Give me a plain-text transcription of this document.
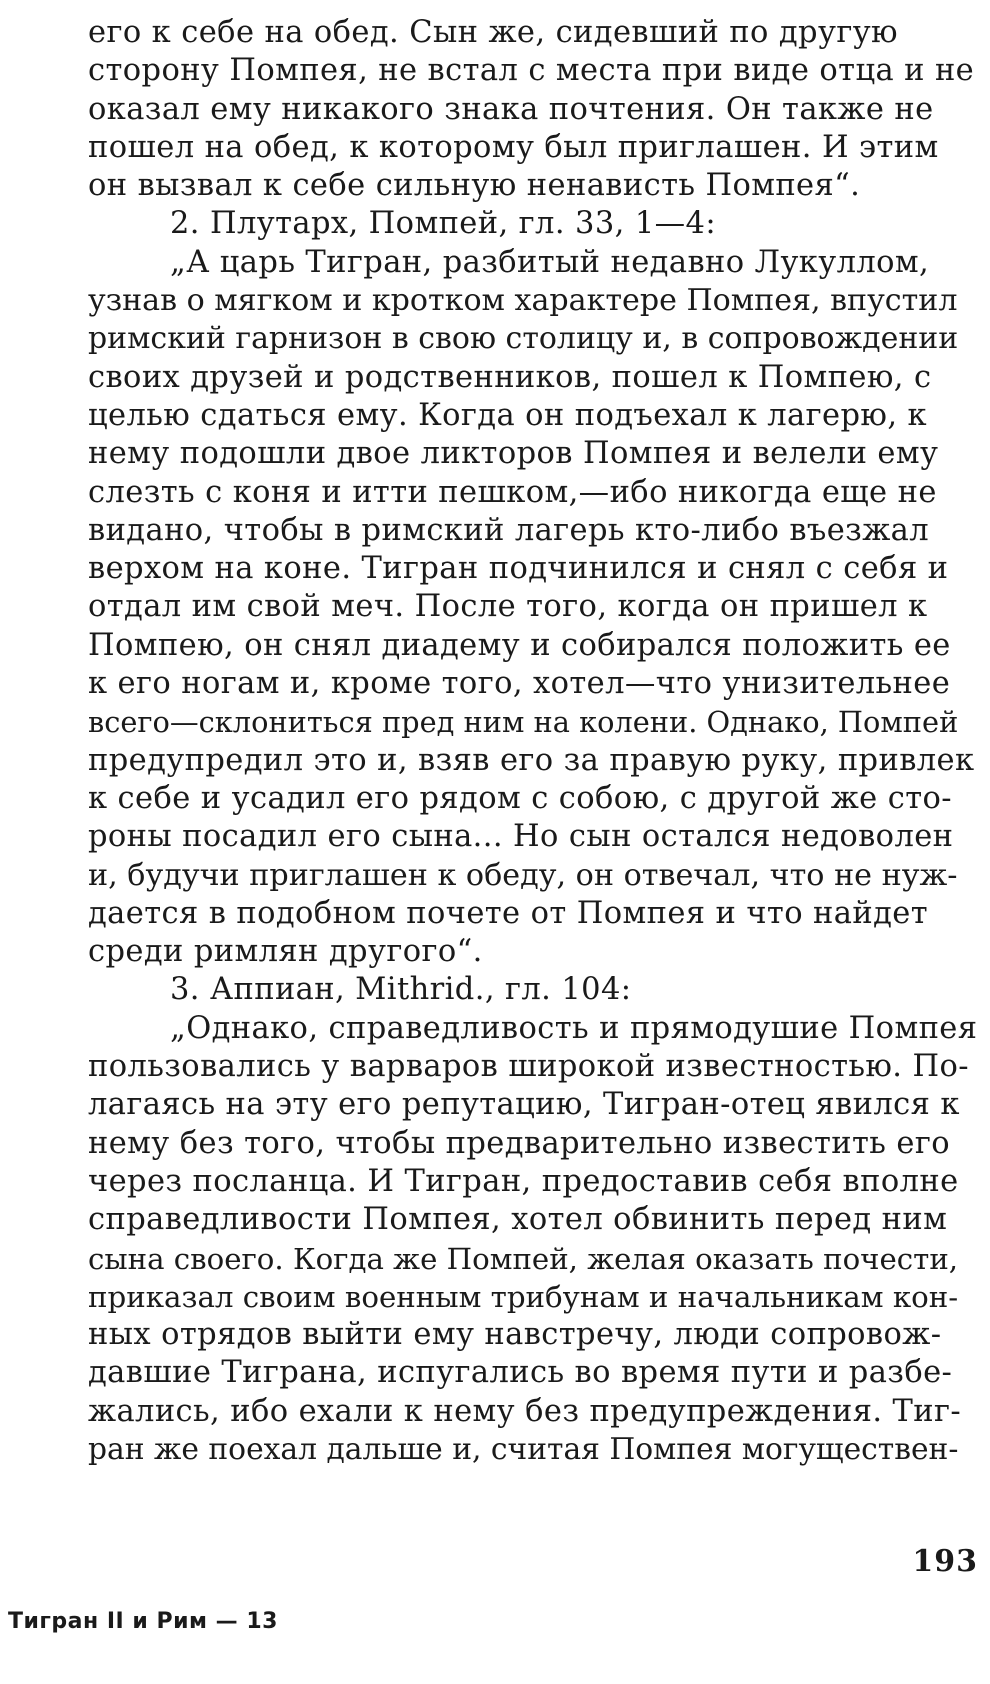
его к себе на обед. Сын же, сидевший по другую
сторону Помпея, не встал с места при виде отца и не
оказал ему никакого знака почтения. Он также не
пошел на обед, к которому был приглашен. И этим
он вызвал к себе сильную ненависть Помпея“.
2. Плутарх, Помпей, гл. 33, 1—4:
„А царь Тигран, разбитый недавно Лукуллом,
узнав о мягком и кротком характере Помпея, впустил
римский гарнизон в свою столицу и, в сопровождении
своих друзей и родственников, пошел к Помпею, с
целью сдаться ему. Когда он подъехал к лагерю, к
нему подошли двое ликторов Помпея и велели ему
слезть с коня и итти пешком,—ибо никогда еще не
видано, чтобы в римский лагерь кто-либо въезжал
верхом на коне. Тигран подчинился и снял с себя и
отдал им свой меч. После того, когда он пришел к
Помпею, он снял диадему и собирался положить ее
к его ногам и, кроме того, хотел—что унизительнее
всего—склониться пред ним на колени. Однако, Помпей
предупредил это и, взяв его за правую руку, привлек
к себе и усадил его рядом с собою, с другой же сто-
роны посадил его сына... Но сын остался недоволен
и, будучи приглашен к обеду, он отвечал, что не нуж-
дается в подобном почете от Помпея и что найдет
среди римлян другого“.
3. Аппиан, Mithrid., гл. 104:
„Однако, справедливость и прямодушие Помпея
пользовались у варваров широкой известностью. По-
лагаясь на эту его репутацию, Тигран-отец явился к
нему без того, чтобы предварительно известить его
через посланца. И Тигран, предоставив себя вполне
справедливости Помпея, хотел обвинить перед ним
сына своего. Когда же Помпей, желая оказать почести,
приказал своим военным трибунам и начальникам кон-
ных отрядов выйти ему навстречу, люди сопровож-
давшие Тиграна, испугались во время пути и разбе-
жались, ибо ехали к нему без предупреждения. Тиг-
ран же поехал дальше и, считая Помпея могуществен-
193
Тигран II и Рим — 13
